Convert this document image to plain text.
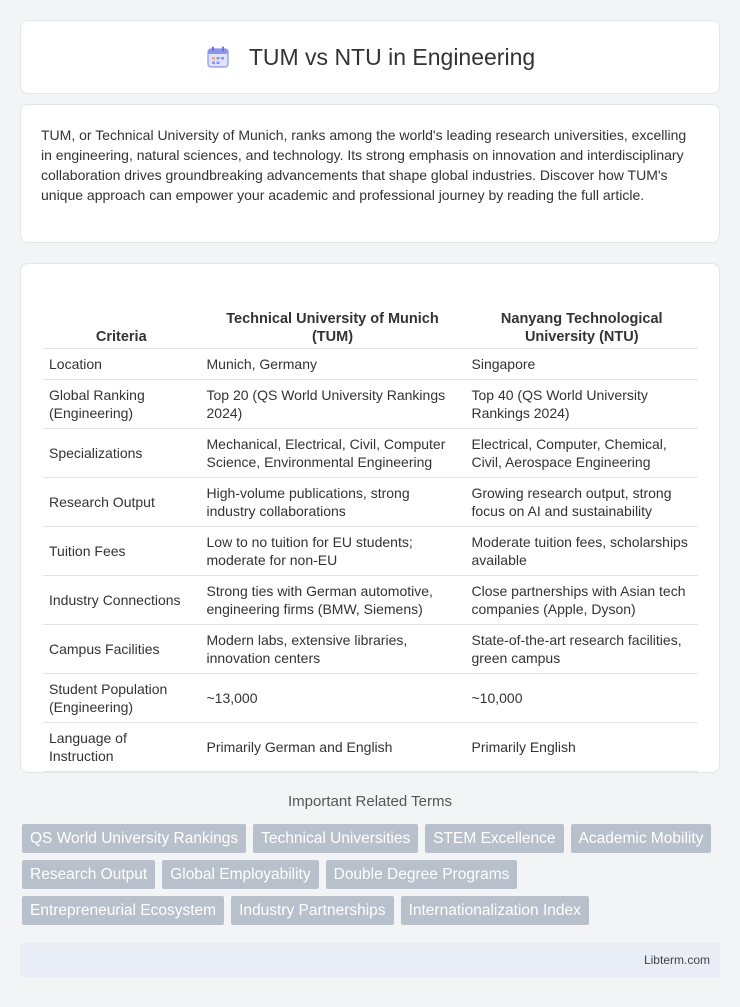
TUM vs NTU in Engineering

TUM, or Technical University of Munich, ranks among the world's leading research universities, excelling in engineering, natural sciences, and technology. Its strong emphasis on innovation and interdisciplinary collaboration drives groundbreaking advancements that shape global industries. Discover how TUM's unique approach can empower your academic and professional journey by reading the full article.

Criteria	Technical University of Munich (TUM)	Nanyang Technological University (NTU)
Location	Munich, Germany	Singapore
Global Ranking (Engineering)	Top 20 (QS World University Rankings 2024)	Top 40 (QS World University Rankings 2024)
Specializations	Mechanical, Electrical, Civil, Computer Science, Environmental Engineering	Electrical, Computer, Chemical, Civil, Aerospace Engineering
Research Output	High-volume publications, strong industry collaborations	Growing research output, strong focus on AI and sustainability
Tuition Fees	Low to no tuition for EU students; moderate for non-EU	Moderate tuition fees, scholarships available
Industry Connections	Strong ties with German automotive, engineering firms (BMW, Siemens)	Close partnerships with Asian tech companies (Apple, Dyson)
Campus Facilities	Modern labs, extensive libraries, innovation centers	State-of-the-art research facilities, green campus
Student Population (Engineering)	~13,000	~10,000
Language of Instruction	Primarily German and English	Primarily English
Important Related Terms
QS World University Rankings	Technical Universities	STEM Excellence	Academic Mobility
Research Output	Global Employability	Double Degree Programs
Entrepreneurial Ecosystem	Industry Partnerships	Internationalization Index
Libterm.com
